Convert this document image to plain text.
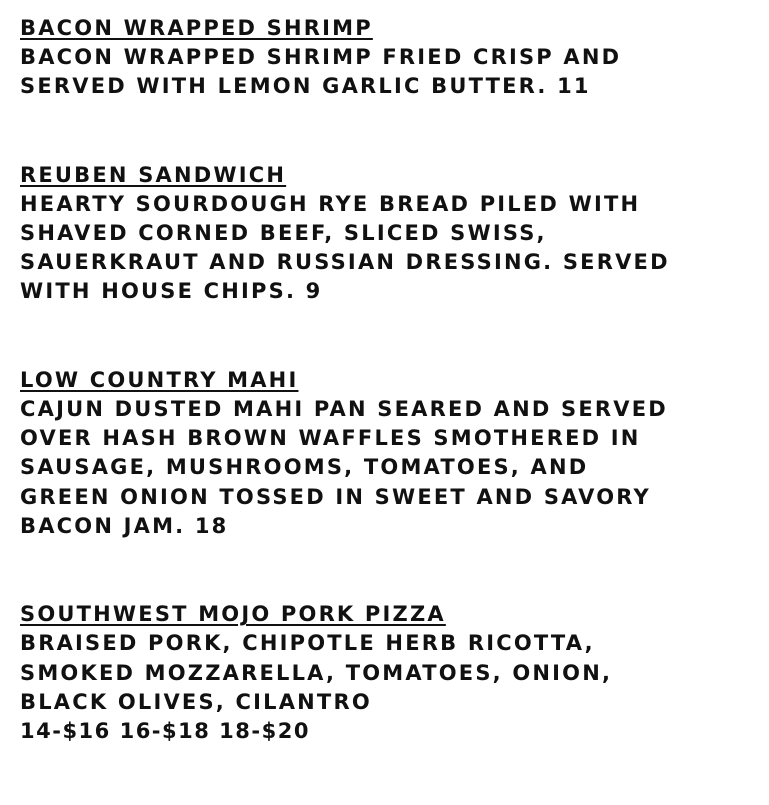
BACON WRAPPED SHRIMP
BACON WRAPPED SHRIMP FRIED CRISP AND
SERVED WITH LEMON GARLIC BUTTER. 11
REUBEN SANDWICH
HEARTY SOURDOUGH RYE BREAD PILED WITH
SHAVED CORNED BEEF, SLICED SWISS,
SAUERKRAUT AND RUSSIAN DRESSING. SERVED
WITH HOUSE CHIPS. 9
LOW COUNTRY MAHI
CAJUN DUSTED MAHI PAN SEARED AND SERVED
OVER HASH BROWN WAFFLES SMOTHERED IN
SAUSAGE, MUSHROOMS, TOMATOES, AND
GREEN ONION TOSSED IN SWEET AND SAVORY
BACON JAM. 18
SOUTHWEST MOJO PORK PIZZA
BRAISED PORK, CHIPOTLE HERB RICOTTA,
SMOKED MOZZARELLA, TOMATOES, ONION,
BLACK OLIVES, CILANTRO
14-$16 16-$18 18-$20
